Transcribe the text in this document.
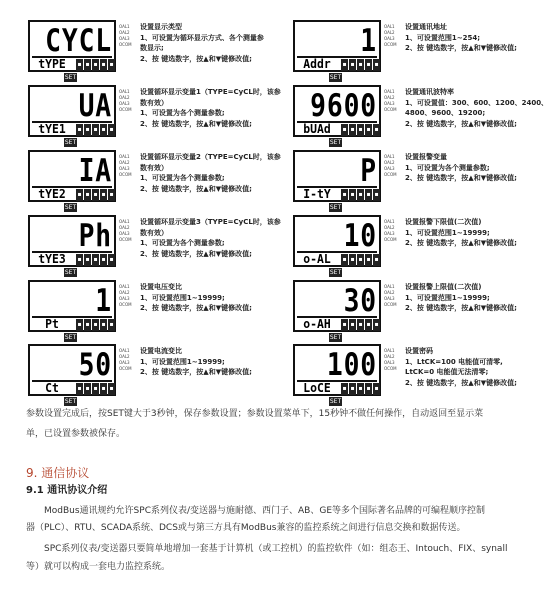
CYCL
tYPE	▪ ▪ ▪ ▪ ▪
OAL1
OAL2
OAL3
OCOM
SET
设置显示类型
1、可设置为循环显示方式、各个测量参
数显示;
2、按 键选数字，按▲和▼键修改值;
UA
tYE1	▪ ▪ ▪ ▪ ▪
OAL1
OAL2
OAL3
OCOM
SET
设置循环显示变量1（TYPE=CyCL时，该参
数有效）
1、可设置为各个测量参数;
2、按 键选数字，按▲和▼键修改值;
IA
tYE2	▪ ▪ ▪ ▪ ▪
OAL1
OAL2
OAL3
OCOM
SET
设置循环显示变量2（TYPE=CyCL时，该参
数有效）
1、可设置为各个测量参数;
2、按 键选数字，按▲和▼键修改值;
Ph
tYE3	▪ ▪ ▪ ▪ ▪
OAL1
OAL2
OAL3
OCOM
SET
设置循环显示变量3（TYPE=CyCL时，该参
数有效）
1、可设置为各个测量参数;
2、按 键选数字，按▲和▼键修改值;
1
Pt	▪ ▪ ▪ ▪ ▪
OAL1
OAL2
OAL3
OCOM
SET
设置电压变比
1、可设置范围1~19999;
2、按 键选数字，按▲和▼键修改值;
50
Ct	▪ ▪ ▪ ▪ ▪
OAL1
OAL2
OAL3
OCOM
SET
设置电流变比
1、可设置范围1~19999;
2、按 键选数字，按▲和▼键修改值;
1
Addr	▪ ▪ ▪ ▪ ▪
OAL1
OAL2
OAL3
OCOM
SET
设置通讯地址
1、可设置范围1~254;
2、按 键选数字，按▲和▼键修改值;
9600
bUAd	▪ ▪ ▪ ▪ ▪
OAL1
OAL2
OAL3
OCOM
SET
设置通讯波特率
1、可设置值：300、600、1200、2400、
4800、9600、19200;
2、按 键选数字，按▲和▼键修改值;
P
I-tY	▪ ▪ ▪ ▪ ▪
OAL1
OAL2
OAL3
OCOM
SET
设置报警变量
1、可设置为各个测量参数;
2、按 键选数字，按▲和▼键修改值;
10
o-AL	▪ ▪ ▪ ▪ ▪
OAL1
OAL2
OAL3
OCOM
SET
设置报警下限值(二次值)
1、可设置范围1~19999;
2、按 键选数字，按▲和▼键修改值;
30
o-AH	▪ ▪ ▪ ▪ ▪
OAL1
OAL2
OAL3
OCOM
SET
设置报警上限值(二次值)
1、可设置范围1~19999;
2、按 键选数字，按▲和▼键修改值;
100
LoCE	▪ ▪ ▪ ▪ ▪
OAL1
OAL2
OAL3
OCOM
SET
设置密码
1、LtCK=100 电能值可清零,
LtCK=0 电能值无法清零;
2、按 键选数字，按▲和▼键修改值;
参数设置完成后，按SET键大于3秒钟，保存参数设置；参数设置菜单下，15秒钟不做任何操作，自动返回至显示菜
单，已设置参数被保存。
9. 通信协议
9.1 通讯协议介绍
ModBus通讯规约允许SPC系列仪表/变送器与施耐德、西门子、AB、GE等多个国际著名品牌的可编程顺序控制
器（PLC）、RTU、SCADA系统、DCS或与第三方具有ModBus兼容的监控系统之间进行信息交换和数据传送。
SPC系列仪表/变送器只要简单地增加一套基于计算机（或工控机）的监控软件（如：组态王、Intouch、FIX、synall
等）就可以构成一套电力监控系统。
